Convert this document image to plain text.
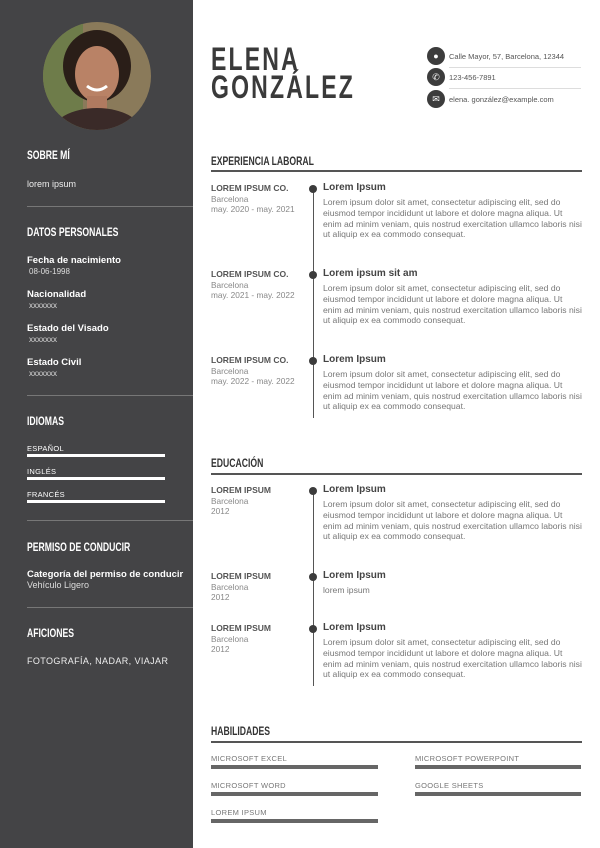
SOBRE MÍ
lorem ipsum
DATOS PERSONALES
Fecha de nacimiento
08-06-1998
Nacionalidad
xxxxxxx
Estado del Visado
xxxxxxx
Estado Civil
xxxxxxx
IDIOMAS
ESPAÑOL
INGLÉS
FRANCÉS
PERMISO DE CONDUCIR
Categoría del permiso de conducir
Vehículo Ligero
AFICIONES
FOTOGRAFÍA, NADAR, VIAJAR
ELENA
GONZÁLEZ
●	Calle Mayor, 57, Barcelona, 12344
✆	123-456-7891
✉	elena. gonzález@example.com
EXPERIENCIA LABORAL
LOREM IPSUM CO.
Barcelona
may. 2020 - may. 2021
Lorem Ipsum
Lorem ipsum dolor sit amet, consectetur adipiscing elit, sed do eiusmod tempor incididunt ut labore et dolore magna aliqua. Ut enim ad minim veniam, quis nostrud exercitation ullamco laboris nisi ut aliquip ex ea commodo consequat.
LOREM IPSUM CO.
Barcelona
may. 2021 - may. 2022
Lorem ipsum sit am
Lorem ipsum dolor sit amet, consectetur adipiscing elit, sed do eiusmod tempor incididunt ut labore et dolore magna aliqua. Ut enim ad minim veniam, quis nostrud exercitation ullamco laboris nisi ut aliquip ex ea commodo consequat.
LOREM IPSUM CO.
Barcelona
may. 2022 - may. 2022
Lorem Ipsum
Lorem ipsum dolor sit amet, consectetur adipiscing elit, sed do eiusmod tempor incididunt ut labore et dolore magna aliqua. Ut enim ad minim veniam, quis nostrud exercitation ullamco laboris nisi ut aliquip ex ea commodo consequat.
EDUCACIÓN
LOREM IPSUM
Barcelona
2012
Lorem Ipsum
Lorem ipsum dolor sit amet, consectetur adipiscing elit, sed do eiusmod tempor incididunt ut labore et dolore magna aliqua. Ut enim ad minim veniam, quis nostrud exercitation ullamco laboris nisi ut aliquip ex ea commodo consequat.
LOREM IPSUM
Barcelona
2012
Lorem Ipsum
lorem ipsum
LOREM IPSUM
Barcelona
2012
Lorem Ipsum
Lorem ipsum dolor sit amet, consectetur adipiscing elit, sed do eiusmod tempor incididunt ut labore et dolore magna aliqua. Ut enim ad minim veniam, quis nostrud exercitation ullamco laboris nisi ut aliquip ex ea commodo consequat.
HABILIDADES
MICROSOFT EXCEL	MICROSOFT POWERPOINT
MICROSOFT WORD	GOOGLE SHEETS
LOREM IPSUM
